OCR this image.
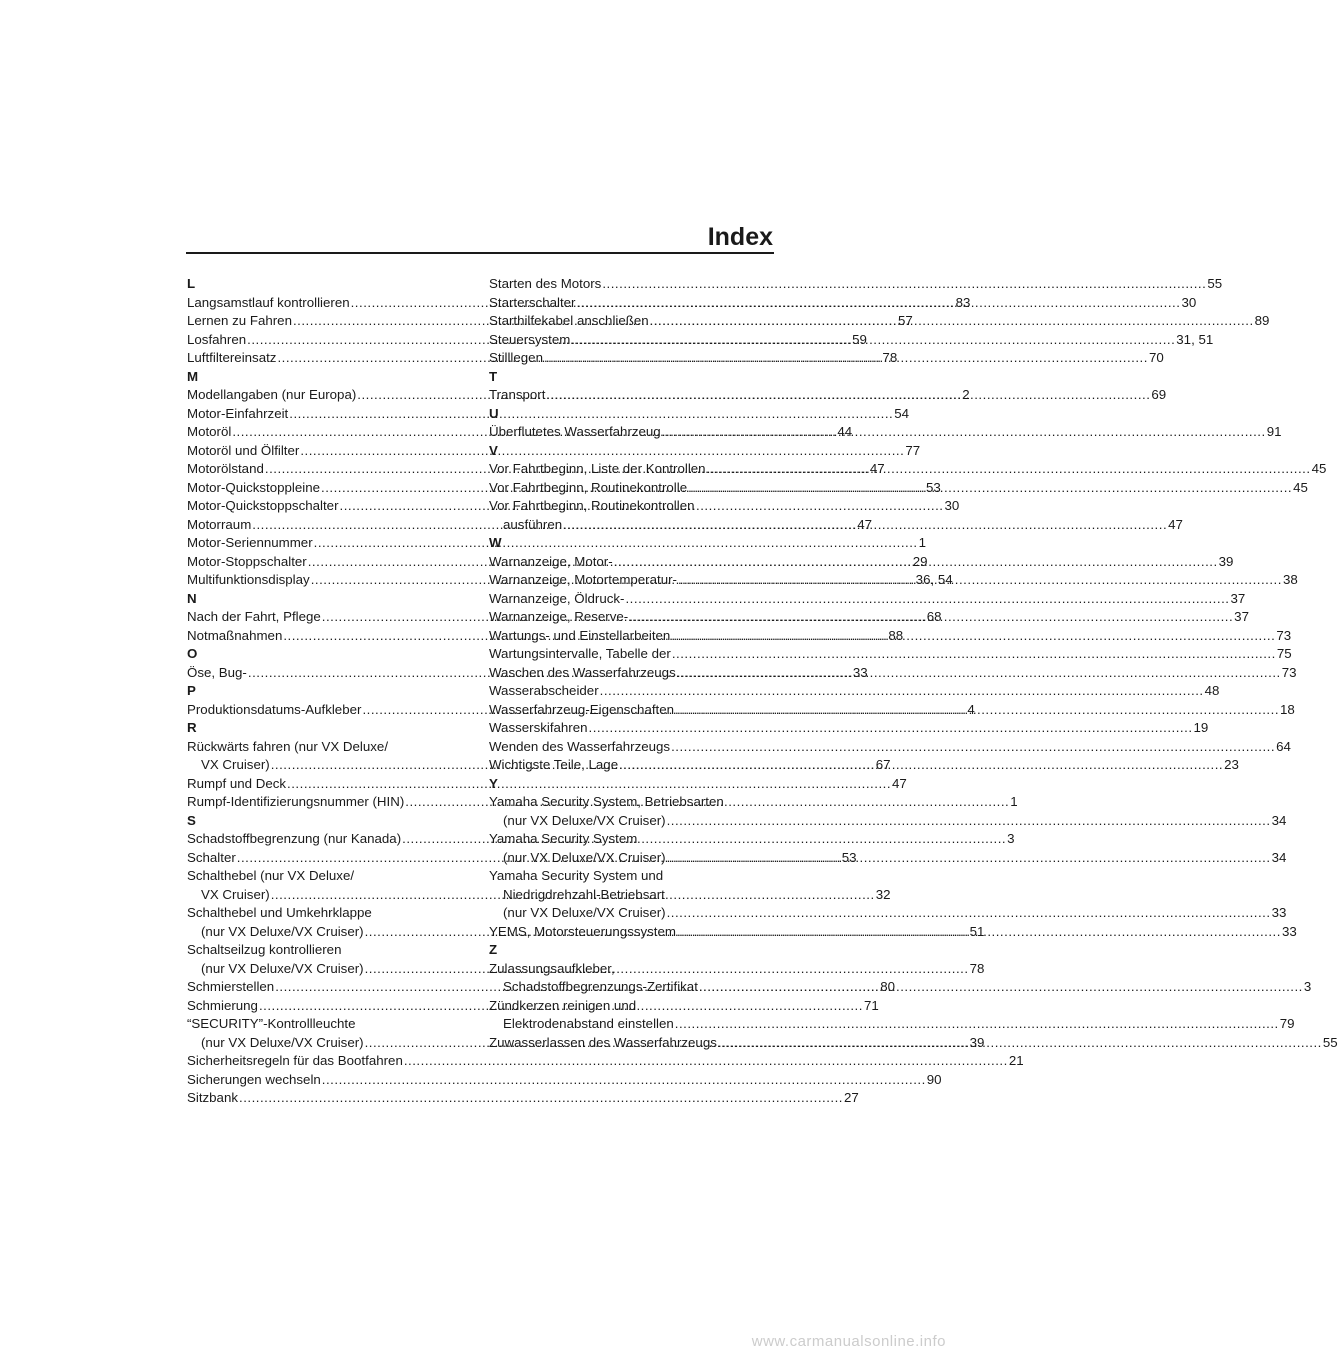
Index
L
Langsamstlauf kontrollieren .....	83
Lernen zu Fahren .....	57
Losfahren .....	59
Luftfiltereinsatz .....	78
M
Modellangaben (nur Europa) .....	2
Motor-Einfahrzeit .....	54
Motoröl .....	44
Motoröl und Ölfilter .....	77
Motorölstand .....	47
Motor-Quickstoppleine .....	53
Motor-Quickstoppschalter .....	30
Motorraum .....	47
Motor-Seriennummer .....	1
Motor-Stoppschalter .....	29
Multifunktionsdisplay .....	36, 54
N
Nach der Fahrt, Pflege .....	68
Notmaßnahmen .....	88
O
Öse, Bug- .....	33
P
Produktionsdatums-Aufkleber .....	4
R
Rückwärts fahren (nur VX Deluxe/
VX Cruiser) .....	67
Rumpf und Deck .....	47
Rumpf-Identifizierungsnummer (HIN) .....	1
S
Schadstoffbegrenzung (nur Kanada) .....	3
Schalter .....	53
Schalthebel (nur VX Deluxe/
VX Cruiser) .....	32
Schalthebel und Umkehrklappe
(nur VX Deluxe/VX Cruiser) .....	51
Schaltseilzug kontrollieren
(nur VX Deluxe/VX Cruiser) .....	78
Schmierstellen .....	80
Schmierung .....	71
“SECURITY”-Kontrollleuchte
(nur VX Deluxe/VX Cruiser) .....	39
Sicherheitsregeln für das Bootfahren .....	21
Sicherungen wechseln .....	90
Sitzbank .....	27
Starten des Motors .....	55
Starterschalter .....	30
Starthilfekabel anschließen .....	89
Steuersystem .....	31, 51
Stilllegen .....	70
T
Transport .....	69
U
Überflutetes Wasserfahrzeug .....	91
V
Vor Fahrtbeginn, Liste der Kontrollen .....	45
Vor Fahrtbeginn, Routinekontrolle .....	45
Vor Fahrtbeginn, Routinekontrollen
ausführen .....	47
W
Warnanzeige, Motor- .....	39
Warnanzeige, Motortemperatur- .....	38
Warnanzeige, Öldruck- .....	37
Warnanzeige, Reserve- .....	37
Wartungs- und Einstellarbeiten .....	73
Wartungsintervalle, Tabelle der .....	75
Waschen des Wasserfahrzeugs .....	73
Wasserabscheider .....	48
Wasserfahrzeug-Eigenschaften .....	18
Wasserskifahren .....	19
Wenden des Wasserfahrzeugs .....	64
Wichtigste Teile, Lage .....	23
Y
Yamaha Security System, Betriebsarten
(nur VX Deluxe/VX Cruiser) .....	34
Yamaha Security System
(nur VX Deluxe/VX Cruiser) .....	34
Yamaha Security System und
Niedrigdrehzahl-Betriebsart
(nur VX Deluxe/VX Cruiser) .....	33
YEMS, Motorsteuerungssystem .....	33
Z
Zulassungsaufkleber,
Schadstoffbegrenzungs-Zertifikat .....	3
Zündkerzen reinigen und
Elektrodenabstand einstellen .....	79
Zuwasserlassen des Wasserfahrzeugs .....	55
www.carmanualsonline.info
